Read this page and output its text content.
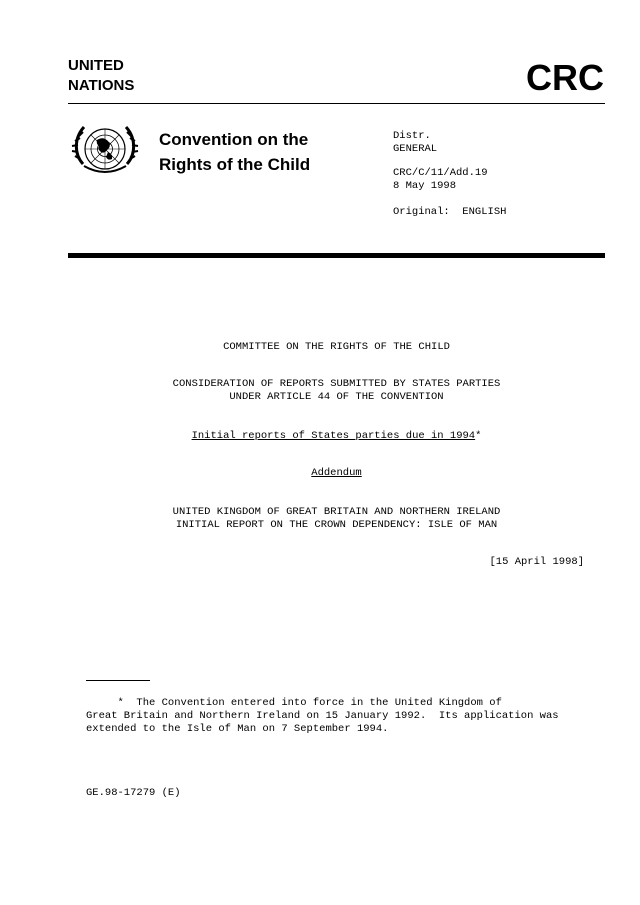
UNITED
NATIONS	CRC
Convention on the
Rights of the Child
Distr.
GENERAL
CRC/C/11/Add.19
8 May 1998
Original:  ENGLISH
COMMITTEE ON THE RIGHTS OF THE CHILD
CONSIDERATION OF REPORTS SUBMITTED BY STATES PARTIES
UNDER ARTICLE 44 OF THE CONVENTION
Initial reports of States parties due in 1994*
Addendum
UNITED KINGDOM OF GREAT BRITAIN AND NORTHERN IRELAND
INITIAL REPORT ON THE CROWN DEPENDENCY: ISLE OF MAN
[15 April 1998]
*  The Convention entered into force in the United Kingdom of
Great Britain and Northern Ireland on 15 January 1992.  Its application was
extended to the Isle of Man on 7 September 1994.
GE.98-17279 (E)
